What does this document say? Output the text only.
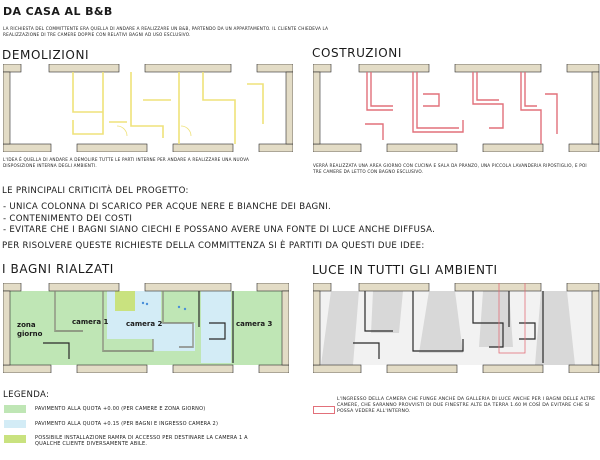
DA CASA AL B&B
LA RICHIESTA DEL COMMITTENTE ERA QUELLA DI ANDARE A REALIZZARE UN B&B, PARTENDO DA UN APPARTAMENTO. IL CLIENTE CHIEDEVA LA REALIZZAZIONE DI TRE CAMERE DOPPIE CON RELATIVI BAGNI AD USO ESCLUSIVO.
DEMOLIZIONI	COSTRUZIONI
L'IDEA È QUELLA DI ANDARE A DEMOLIRE TUTTE LE PARTI INTERNE PER ANDARE A REALIZZARE UNA NUOVA DISPOSIZIONE INTERNA DEGLI AMBIENTI.	VERRÀ REALIZZATA UNA AREA GIORNO CON CUCINA E SALA DA PRANZO, UNA PICCOLA LAVANDERIA RIPOSTIGLIO, E POI TRE CAMERE DA LETTO CON BAGNO ESCLUSIVO.
LE PRINCIPALI CRITICITÀ DEL PROGETTO:
- UNICA COLONNA DI SCARICO PER ACQUE NERE E BIANCHE DEI BAGNI.
- CONTENIMENTO DEI COSTI
- EVITARE CHE I BAGNI SIANO CIECHI E POSSANO AVERE UNA FONTE DI LUCE ANCHE DIFFUSA.
PER RISOLVERE QUESTE RICHIESTE DELLA COMMITTENZA SI È PARTITI DA QUESTI DUE IDEE:
I BAGNI RIALZATI	LUCE IN TUTTI GLI AMBIENTI
zona giorno
camera 1	camera 2	camera 3
LEGENDA:
PAVIMENTO ALLA QUOTA +0.00 (PER CAMERE E ZONA GIORNO)
PAVIMENTO ALLA QUOTA +0.15 (PER BAGNI E INGRESSO CAMERA 2)
POSSIBILE INSTALLAZIONE RAMPA DI ACCESSO PER DESTINARE LA CAMERA 1 A QUALCHE CLIENTE DIVERSAMENTE ABILE.
L'INGRESSO DELLA CAMERA CHE FUNGE ANCHE DA GALLERIA DI LUCE ANCHE PER I BAGNI DELLE ALTRE CAMERE, CHE SARANNO PROVVISTI DI DUE FINESTRE ALTE DA TERRA 1.60 M COSÌ DA EVITARE CHE SI POSSA VEDERE ALL'INTERNO.
